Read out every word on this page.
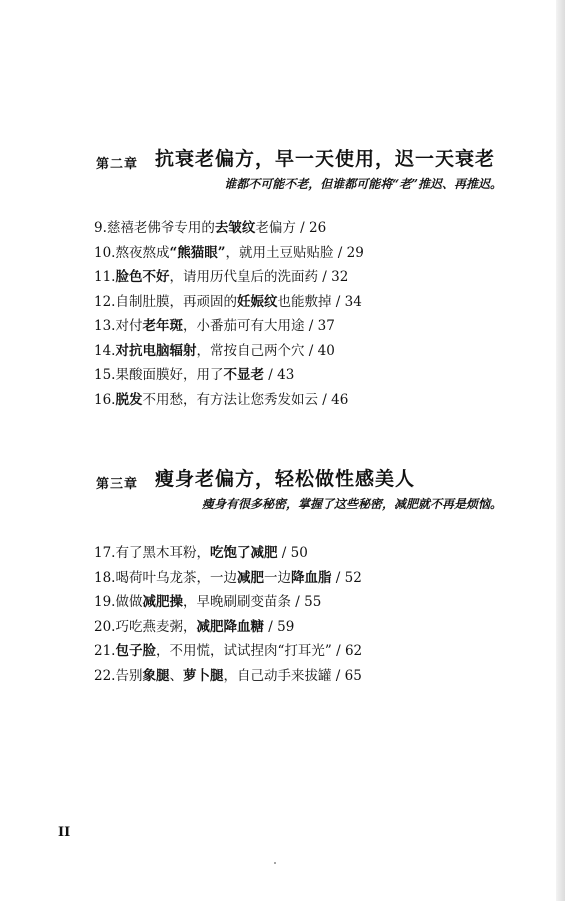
第二章 抗衰老偏方，早一天使用，迟一天衰老
谁都不可能不老，但谁都可能将“老”推迟、再推迟。
9.慈禧老佛爷专用的去皱纹老偏方 / 26
10.熬夜熬成“熊猫眼”，就用土豆贴贴脸 / 29
11.脸色不好，请用历代皇后的洗面药 / 32
12.自制肚膜，再顽固的妊娠纹也能敷掉 / 34
13.对付老年斑，小番茄可有大用途 / 37
14.对抗电脑辐射，常按自己两个穴 / 40
15.果酸面膜好，用了不显老 / 43
16.脱发不用愁，有方法让您秀发如云 / 46
第三章 瘦身老偏方，轻松做性感美人
瘦身有很多秘密，掌握了这些秘密，减肥就不再是烦恼。
17.有了黑木耳粉，吃饱了减肥 / 50
18.喝荷叶乌龙茶，一边减肥一边降血脂 / 52
19.做做减肥操，早晚刷刷变苗条 / 55
20.巧吃燕麦粥，减肥降血糖 / 59
21.包子脸，不用慌，试试捏肉“打耳光” / 62
22.告别象腿、萝卜腿，自己动手来拔罐 / 65
II
